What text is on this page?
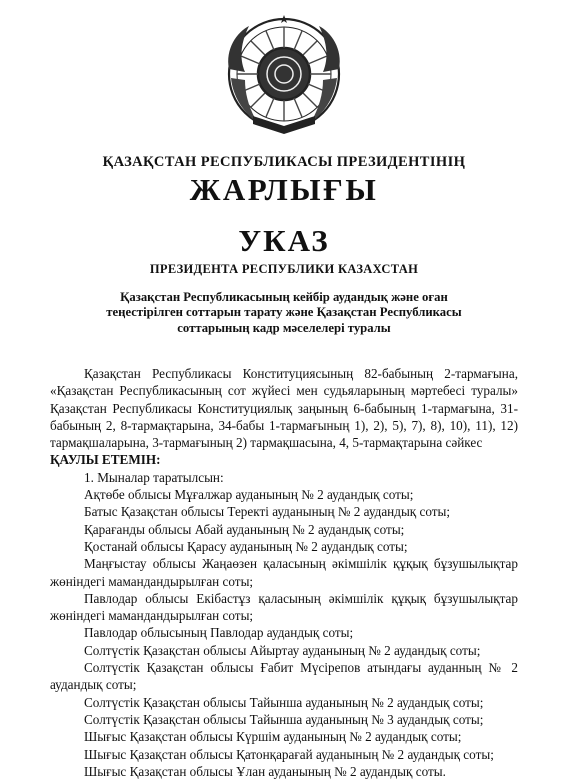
ҚАЗАҚСТАН РЕСПУБЛИКАСЫ ПРЕЗИДЕНТІНІҢ
ЖАРЛЫҒЫ
УКАЗ
ПРЕЗИДЕНТА РЕСПУБЛИКИ КАЗАХСТАН
Қазақстан Республикасының кейбір аудандық және оған
теңестірілген соттарын тарату және Қазақстан Республикасы
соттарының кадр мәселелері туралы
Қазақстан Республикасы Конституциясының 82-бабының 2-тармағына, «Қазақстан Республикасының сот жүйесі мен судьяларының мәртебесі туралы» Қазақстан Республикасы Конституциялық заңының 6-бабының 1-тармағына, 31-бабының 2, 8-тармақтарына, 34-бабы 1-тармағының 1), 2), 5), 7), 8), 10), 11), 12) тармақшаларына, 3-тармағының 2) тармақшасына, 4, 5-тармақтарына сәйкес
ҚАУЛЫ ЕТЕМІН:
1. Мыналар таратылсын:
Ақтөбе облысы Мұғалжар ауданының № 2 аудандық соты;
Батыс Қазақстан облысы Теректі ауданының № 2 аудандық соты;
Қарағанды облысы Абай ауданының № 2 аудандық соты;
Қостанай облысы Қарасу ауданының № 2 аудандық соты;
Маңғыстау облысы Жаңаөзен қаласының әкімшілік құқық бұзушылықтар жөніндегі мамандандырылған соты;
Павлодар облысы Екібастұз қаласының әкімшілік құқық бұзушылықтар жөніндегі мамандандырылған соты;
Павлодар облысының Павлодар аудандық соты;
Солтүстік Қазақстан облысы Айыртау ауданының № 2 аудандық соты;
Солтүстік Қазақстан облысы Ғабит Мүсірепов атындағы ауданның № 2 аудандық соты;
Солтүстік Қазақстан облысы Тайынша ауданының № 2 аудандық соты;
Солтүстік Қазақстан облысы Тайынша ауданының № 3 аудандық соты;
Шығыс Қазақстан облысы Күршім ауданының № 2 аудандық соты;
Шығыс Қазақстан облысы Қатонқарағай ауданының № 2 аудандық соты;
Шығыс Қазақстан облысы Ұлан ауданының № 2 аудандық соты.
